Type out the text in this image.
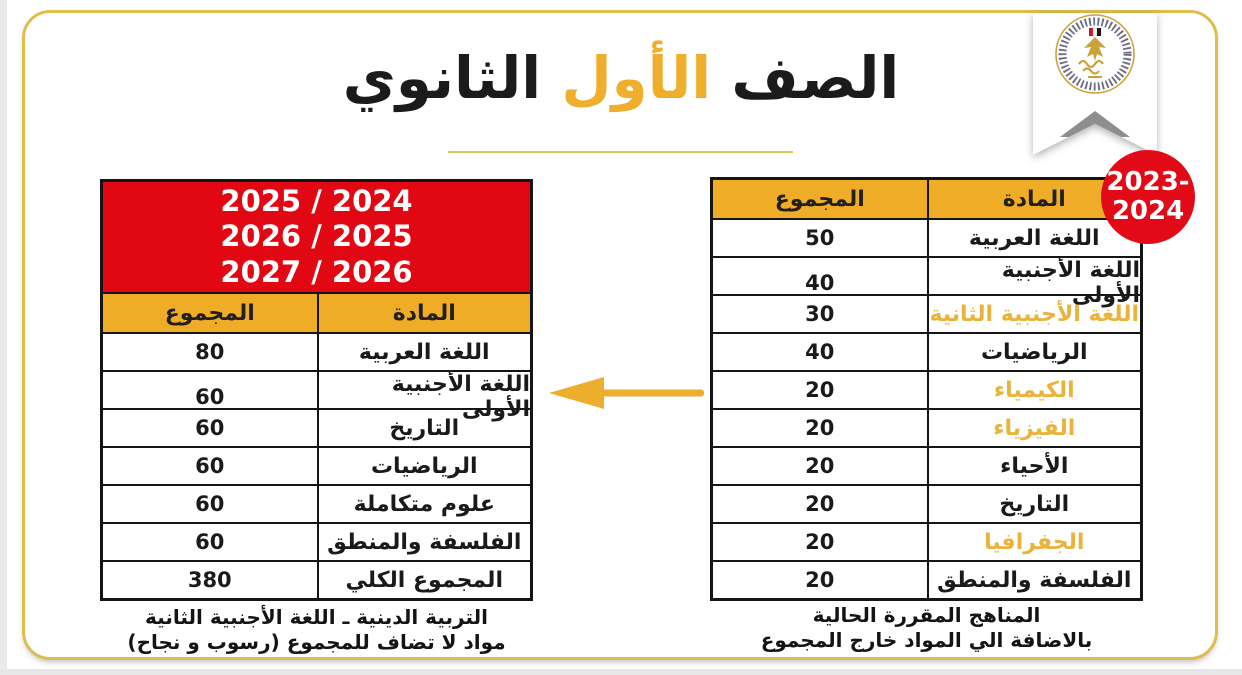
الصف الأول الثانوي
2023-
2024
المجموع	المادة
50	اللغة العربية
40	اللغة الأجنبية الأولى
30	اللغة الأجنبية الثانية
40	الرياضيات
20	الكيمياء
20	الفيزياء
20	الأحياء
20	التاريخ
20	الجفرافيا
20	الفلسفة والمنطق
المناهج المقررة الحالية
بالاضافة الي المواد خارج المجموع
2025 / 2024
2026 / 2025
2027 / 2026
المجموع	المادة
80	اللغة العربية
60	اللغة الأجنبية الأولى
60	التاريخ
60	الرياضيات
60	علوم متكاملة
60	الفلسفة والمنطق
380	المجموع الكلي
التربية الدينية ـ اللغة الأجنبية الثانية
مواد لا تضاف للمجموع (رسوب و نجاح)
